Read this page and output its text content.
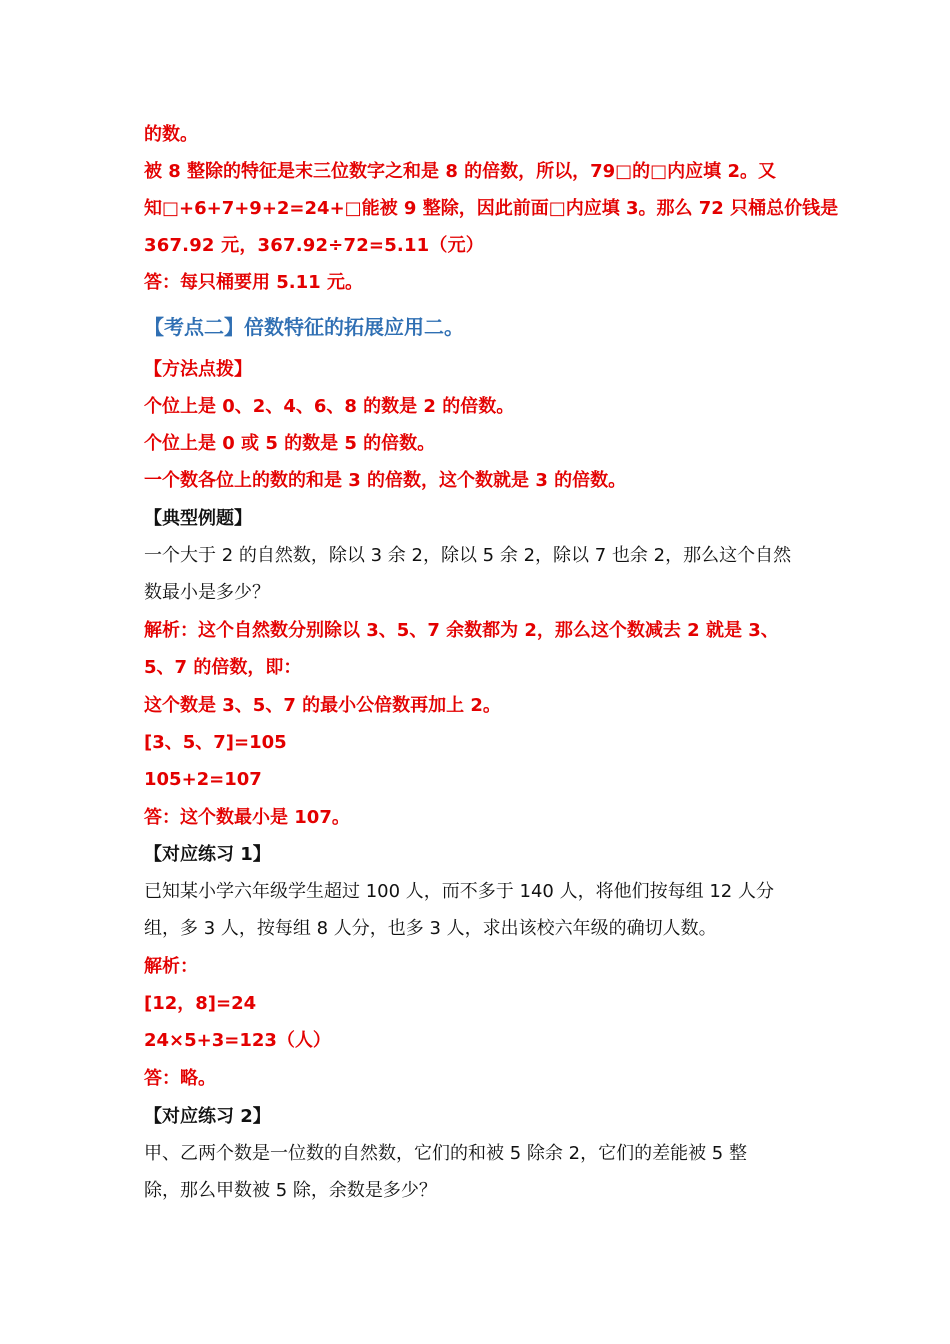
的数。
被 8 整除的特征是末三位数字之和是 8 的倍数，所以，79□的□内应填 2。又
知□+6+7+9+2=24+□能被 9 整除，因此前面□内应填 3。那么 72 只桶总价钱是
367.92 元，367.92÷72=5.11（元）
答：每只桶要用 5.11 元。
【考点二】倍数特征的拓展应用二。
【方法点拨】
个位上是 0、2、4、6、8 的数是 2 的倍数。
个位上是 0 或 5 的数是 5 的倍数。
一个数各位上的数的和是 3 的倍数，这个数就是 3 的倍数。
【典型例题】
一个大于 2 的自然数，除以 3 余 2，除以 5 余 2，除以 7 也余 2，那么这个自然
数最小是多少？
解析：这个自然数分别除以 3、5、7 余数都为 2，那么这个数减去 2 就是 3、
5、7 的倍数，即：
这个数是 3、5、7 的最小公倍数再加上 2。
[3、5、7]=105
105+2=107
答：这个数最小是 107。
【对应练习 1】
已知某小学六年级学生超过 100 人，而不多于 140 人，将他们按每组 12 人分
组，多 3 人，按每组 8 人分，也多 3 人，求出该校六年级的确切人数。
解析：
[12，8]=24
24×5+3=123（人）
答：略。
【对应练习 2】
甲、乙两个数是一位数的自然数，它们的和被 5 除余 2，它们的差能被 5 整
除，那么甲数被 5 除，余数是多少？
